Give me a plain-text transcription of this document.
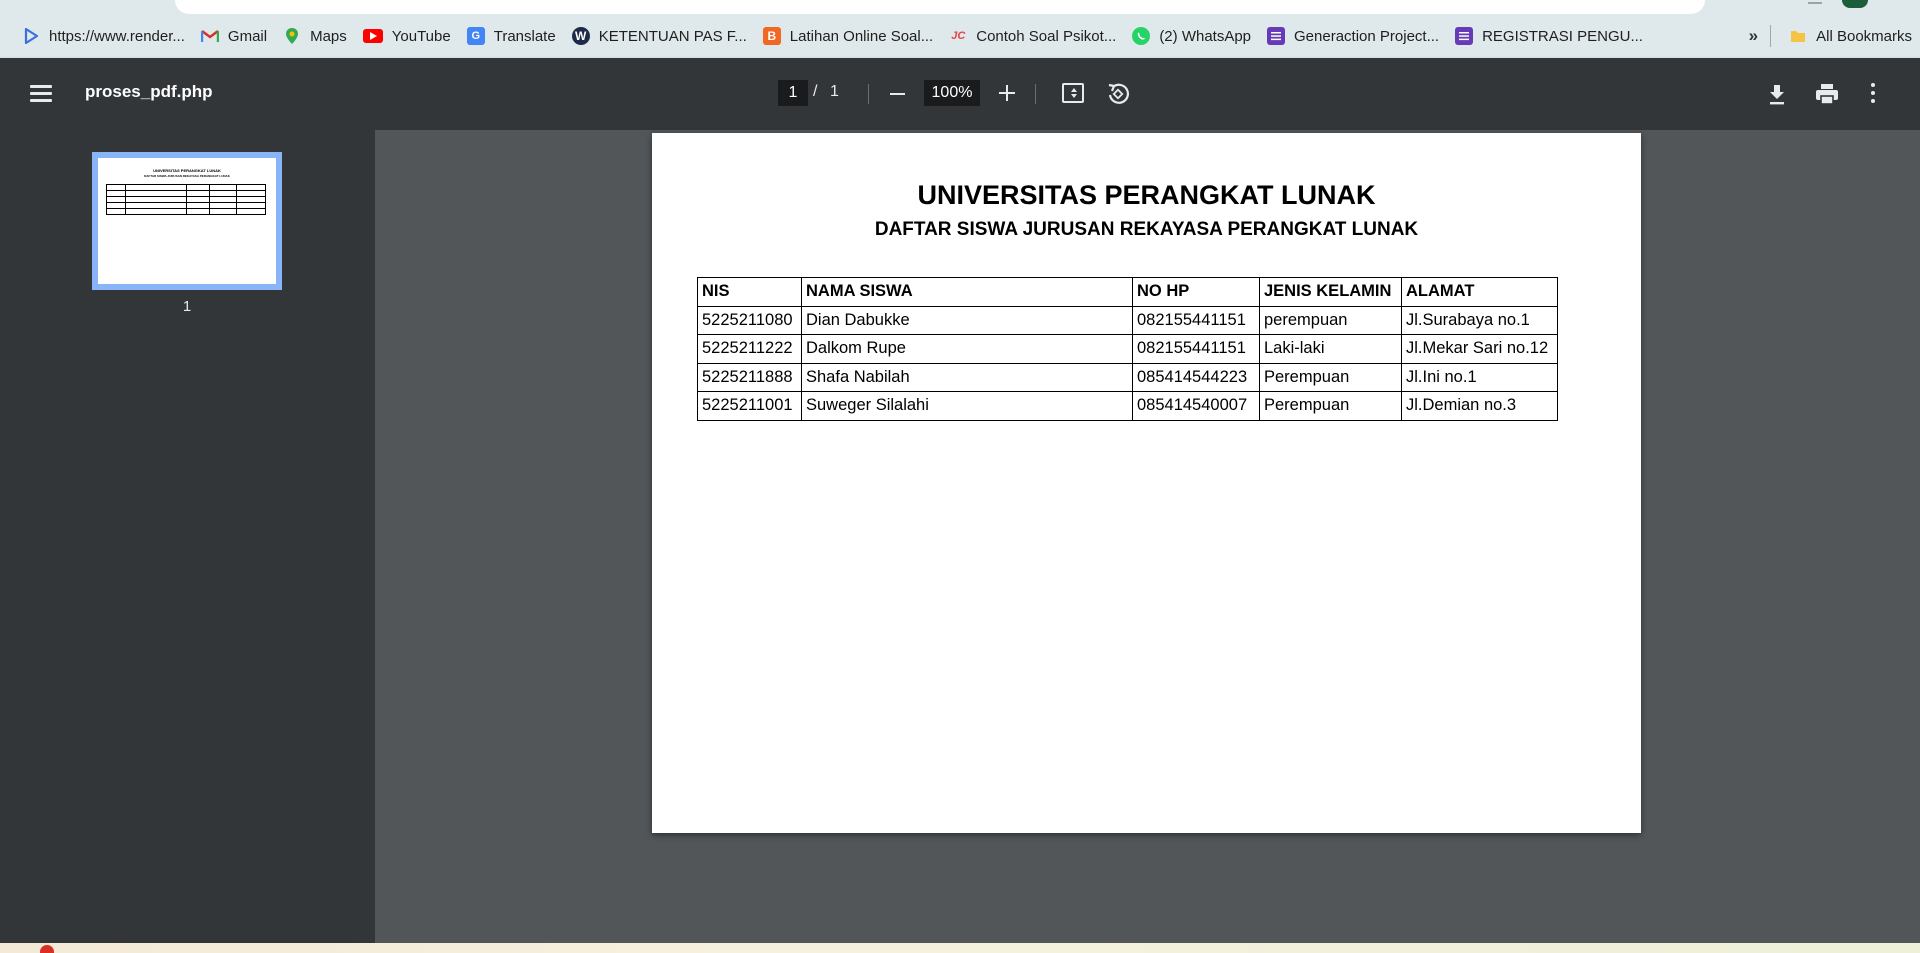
https://www.render...	Gmail	Maps	YouTube	G Translate W KETENTUAN PAS F...	B Latihan Online Soal... JC Contoh Soal Psikot...	(2) WhatsApp	Generaction Project...	REGISTRASI PENGU...	»	All Bookmarks
proses_pdf.php	1 / 1	100%
UNIVERSITAS PERANGKAT LUNAK
DAFTAR SISWA JURUSAN REKAYASA PERANGKAT LUNAK

1
UNIVERSITAS PERANGKAT LUNAK
DAFTAR SISWA JURUSAN REKAYASA PERANGKAT LUNAK
NIS	NAMA SISWA	NO HP	JENIS KELAMIN	ALAMAT
5225211080	Dian Dabukke	082155441151	perempuan	Jl.Surabaya no.1
5225211222	Dalkom Rupe	082155441151	Laki-laki	Jl.Mekar Sari no.12
5225211888	Shafa Nabilah	085414544223	Perempuan	Jl.Ini no.1
5225211001	Suweger Silalahi	085414540007	Perempuan	Jl.Demian no.3
